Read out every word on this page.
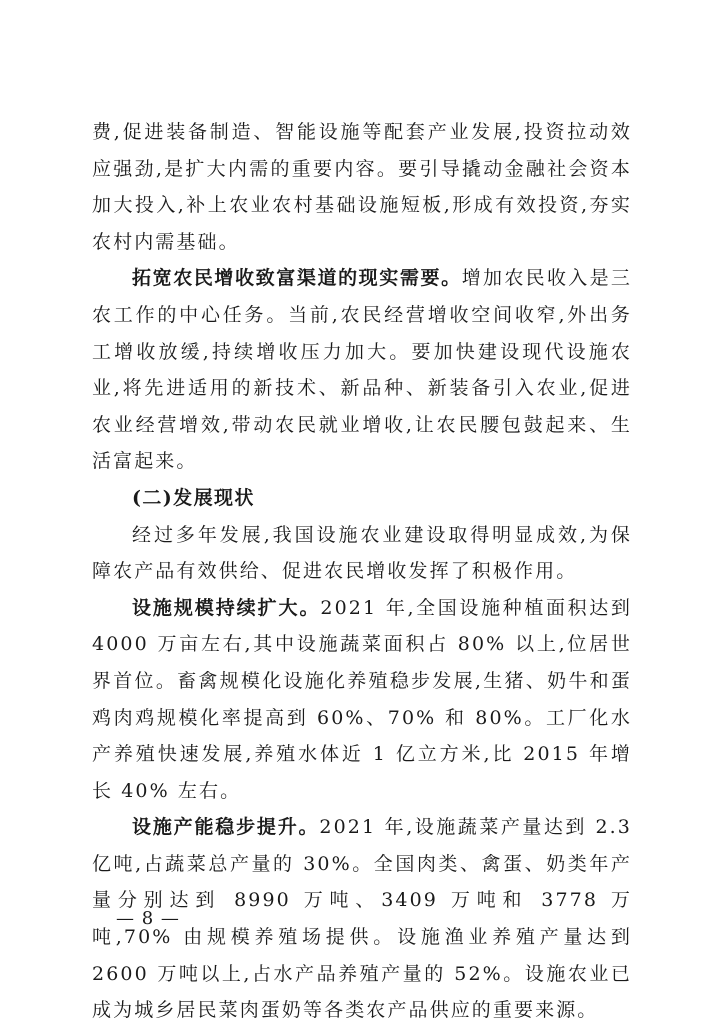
费,促进装备制造、智能设施等配套产业发展,投资拉动效应强劲,是扩大内需的重要内容。要引导撬动金融社会资本加大投入,补上农业农村基础设施短板,形成有效投资,夯实农村内需基础。

拓宽农民增收致富渠道的现实需要。增加农民收入是三农工作的中心任务。当前,农民经营增收空间收窄,外出务工增收放缓,持续增收压力加大。要加快建设现代设施农业,将先进适用的新技术、新品种、新装备引入农业,促进农业经营增效,带动农民就业增收,让农民腰包鼓起来、生活富起来。

(二)发展现状

经过多年发展,我国设施农业建设取得明显成效,为保障农产品有效供给、促进农民增收发挥了积极作用。

设施规模持续扩大。2021 年,全国设施种植面积达到 4000 万亩左右,其中设施蔬菜面积占 80% 以上,位居世界首位。畜禽规模化设施化养殖稳步发展,生猪、奶牛和蛋鸡肉鸡规模化率提高到 60%、70% 和 80%。工厂化水产养殖快速发展,养殖水体近 1 亿立方米,比 2015 年增长 40% 左右。

设施产能稳步提升。2021 年,设施蔬菜产量达到 2.3 亿吨,占蔬菜总产量的 30%。全国肉类、禽蛋、奶类年产量分别达到 8990 万吨、3409 万吨和 3778 万吨,70% 由规模养殖场提供。设施渔业养殖产量达到 2600 万吨以上,占水产品养殖产量的 52%。设施农业已成为城乡居民菜肉蛋奶等各类农产品供应的重要来源。

— 8 —
